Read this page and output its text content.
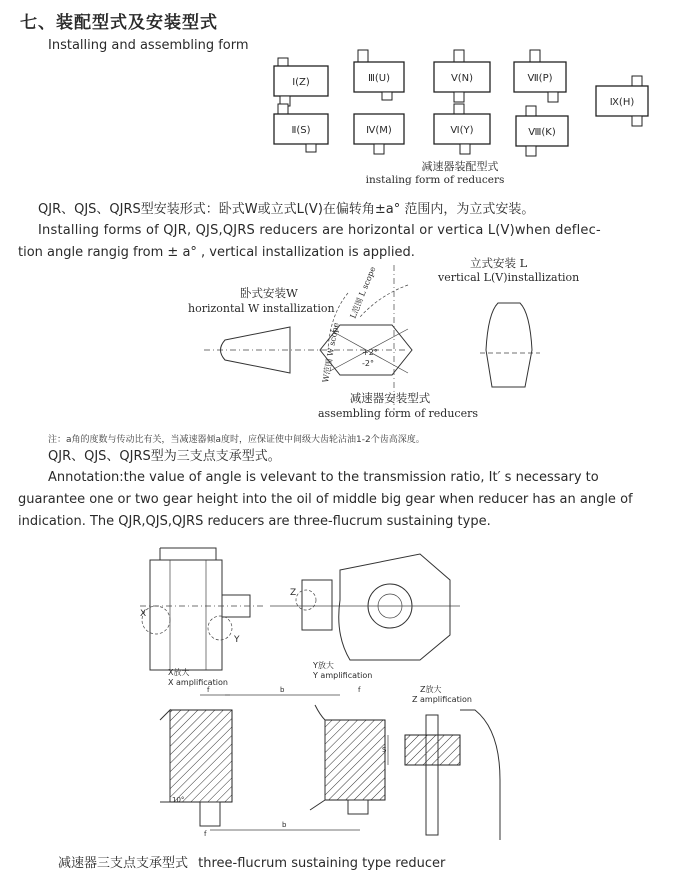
七、装配型式及安装型式
Installing and assembling form
Ⅰ(Z)	Ⅲ(U)	Ⅴ(N)	Ⅶ(P)
Ⅱ(S)	Ⅳ(M)	Ⅵ(Y)	Ⅷ(K)
Ⅸ(H)
减速器装配型式
instaling form of reducers
QJR、QJS、QJRS型安装形式：卧式W或立式L(V)在偏转角±a° 范围内，为立式安装。
Installing forms of QJR, QJS,QJRS reducers are horizontal or vertica L(V)when deflec-
tion angle rangig from ± a° , vertical installization is applied.
卧式安装W
horizontal W installization
立式安装 L
vertical L(V)installization
+2°
-2°
L范围 L scope
W范围 W scope
减速器安装型式
assembling form of reducers
注：a角的度数与传动比有关，当减速器倾a度时，应保证使中间级大齿轮沾油1-2个齿高深度。
QJR、QJS、QJRS型为三支点支承型式。
Annotation:the value of angle is velevant to the transmission ratio, It′ s necessary to
guarantee one or two gear height into the oil of middle big gear when reducer has an angle of
indication. The QJR,QJS,QJRS reducers are three-flucrum sustaining type.
X
Y
Z
X放大
X amplification
Y放大
Y amplification
Z放大
Z amplification
f
10°
f
b	f
b
S
减速器三支点支承型式 three-flucrum sustaining type reducer
